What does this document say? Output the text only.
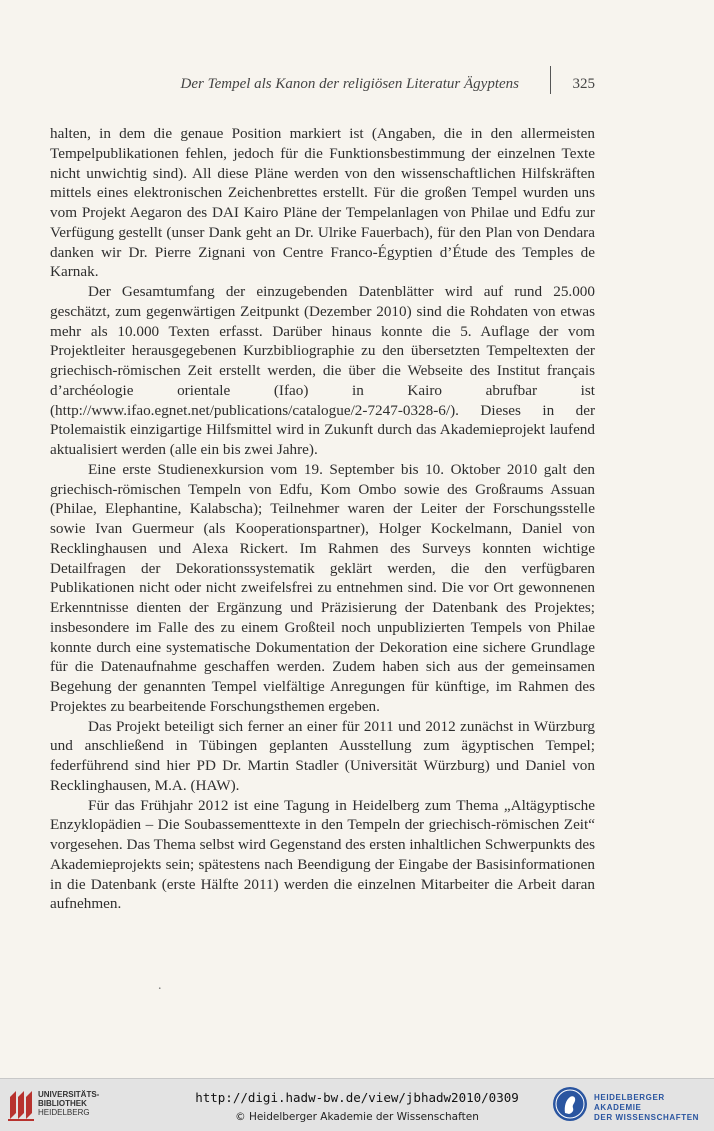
Der Tempel als Kanon der religiösen Literatur Ägyptens	325

halten, in dem die genaue Position markiert ist (Angaben, die in den allermeisten Tempelpublikationen fehlen, jedoch für die Funktionsbestimmung der einzelnen Texte nicht unwichtig sind). All diese Pläne werden von den wissenschaftlichen Hilfskräften mittels eines elektronischen Zeichenbrettes erstellt. Für die großen Tempel wurden uns vom Projekt Aegaron des DAI Kairo Pläne der Tempelanlagen von Philae und Edfu zur Verfügung gestellt (unser Dank geht an Dr. Ulrike Fauerbach), für den Plan von Dendara danken wir Dr. Pierre Zignani von Centre Franco-Égyptien d’Étude des Temples de Karnak.

Der Gesamtumfang der einzugebenden Datenblätter wird auf rund 25.000 geschätzt, zum gegenwärtigen Zeitpunkt (Dezember 2010) sind die Rohdaten von etwas mehr als 10.000 Texten erfasst. Darüber hinaus konnte die 5. Auflage der vom Projektleiter herausgegebenen Kurzbibliographie zu den übersetzten Tempeltexten der griechisch-römischen Zeit erstellt werden, die über die Webseite des Institut français d’archéologie orientale (Ifao) in Kairo abrufbar ist (http://www.ifao.egnet.net/publications/catalogue/2-7247-0328-6/). Dieses in der Ptolemaistik einzigartige Hilfsmittel wird in Zukunft durch das Akademieprojekt laufend aktualisiert werden (alle ein bis zwei Jahre).

Eine erste Studienexkursion vom 19. September bis 10. Oktober 2010 galt den griechisch-römischen Tempeln von Edfu, Kom Ombo sowie des Großraums Assuan (Philae, Elephantine, Kalabscha); Teilnehmer waren der Leiter der Forschungsstelle sowie Ivan Guermeur (als Kooperationspartner), Holger Kockelmann, Daniel von Recklinghausen und Alexa Rickert. Im Rahmen des Surveys konnten wichtige Detailfragen der Dekorationssystematik geklärt werden, die den verfügbaren Publikationen nicht oder nicht zweifelsfrei zu entnehmen sind. Die vor Ort gewonnenen Erkenntnisse dienten der Ergänzung und Präzisierung der Datenbank des Projektes; insbesondere im Falle des zu einem Großteil noch unpublizierten Tempels von Philae konnte durch eine systematische Dokumentation der Dekoration eine sichere Grundlage für die Datenaufnahme geschaffen werden. Zudem haben sich aus der gemeinsamen Begehung der genannten Tempel vielfältige Anregungen für künftige, im Rahmen des Projektes zu bearbeitende Forschungsthemen ergeben.

Das Projekt beteiligt sich ferner an einer für 2011 und 2012 zunächst in Würzburg und anschließend in Tübingen geplanten Ausstellung zum ägyptischen Tempel; federführend sind hier PD Dr. Martin Stadler (Universität Würzburg) und Daniel von Recklinghausen, M.A. (HAW).

Für das Frühjahr 2012 ist eine Tagung in Heidelberg zum Thema „Altägyptische Enzyklopädien – Die Soubassementtexte in den Tempeln der griechisch-römischen Zeit“ vorgesehen. Das Thema selbst wird Gegenstand des ersten inhaltlichen Schwerpunkts des Akademieprojekts sein; spätestens nach Beendigung der Eingabe der Basisinformationen in die Datenbank (erste Hälfte 2011) werden die einzelnen Mitarbeiter die Arbeit daran aufnehmen.

.
UNIVERSITÄTS-
BIBLIOTHEK
HEIDELBERG
http://digi.hadw-bw.de/view/jbhadw2010/0309
© Heidelberger Akademie der Wissenschaften
HEIDELBERGER AKADEMIE
DER WISSENSCHAFTEN
